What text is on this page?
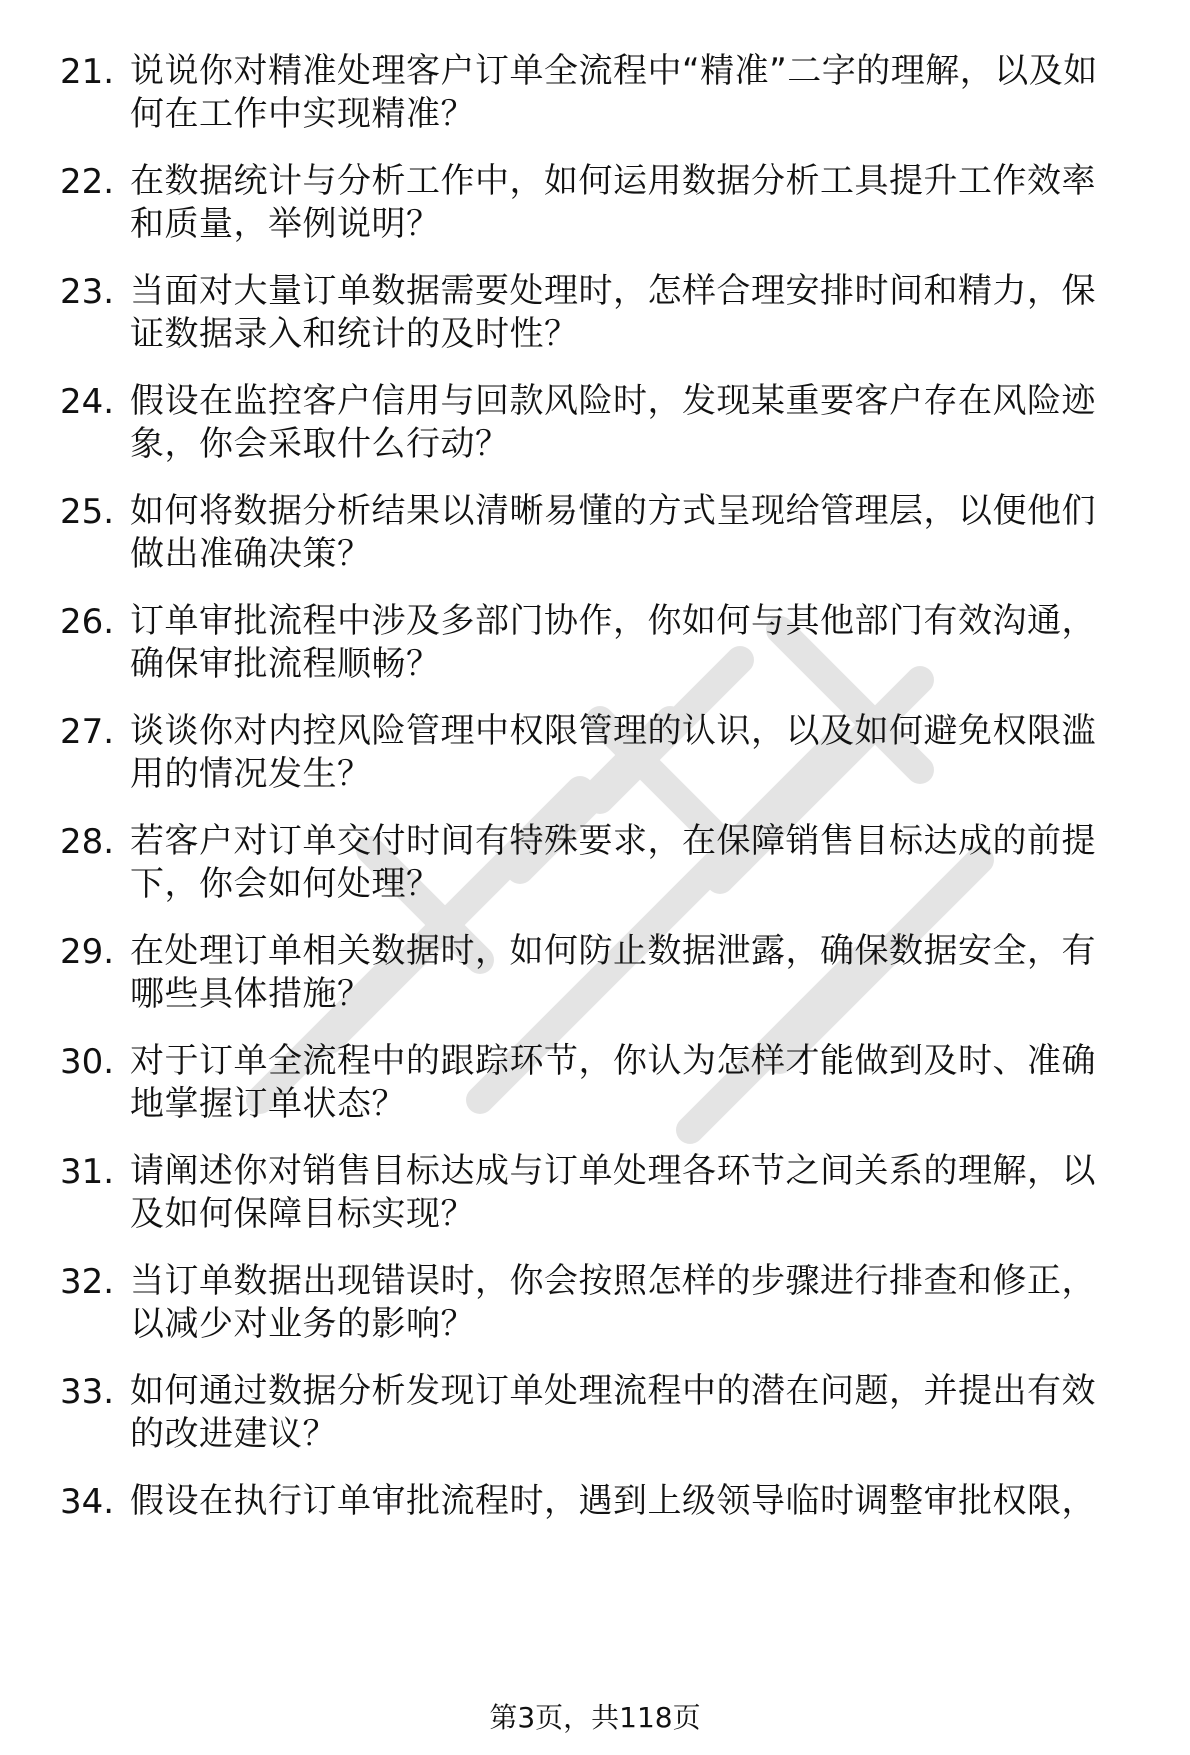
21. 说说你对精准处理客户订单全流程中“精准”二字的理解，以及如
何在工作中实现精准？
22. 在数据统计与分析工作中，如何运用数据分析工具提升工作效率
和质量，举例说明？
23. 当面对大量订单数据需要处理时，怎样合理安排时间和精力，保
证数据录入和统计的及时性？
24. 假设在监控客户信用与回款风险时，发现某重要客户存在风险迹
象，你会采取什么行动？
25. 如何将数据分析结果以清晰易懂的方式呈现给管理层，以便他们
做出准确决策？
26. 订单审批流程中涉及多部门协作，你如何与其他部门有效沟通，
确保审批流程顺畅？
27. 谈谈你对内控风险管理中权限管理的认识，以及如何避免权限滥
用的情况发生？
28. 若客户对订单交付时间有特殊要求，在保障销售目标达成的前提
下，你会如何处理？
29. 在处理订单相关数据时，如何防止数据泄露，确保数据安全，有
哪些具体措施？
30. 对于订单全流程中的跟踪环节，你认为怎样才能做到及时、准确
地掌握订单状态？
31. 请阐述你对销售目标达成与订单处理各环节之间关系的理解，以
及如何保障目标实现？
32. 当订单数据出现错误时，你会按照怎样的步骤进行排查和修正，
以减少对业务的影响？
33. 如何通过数据分析发现订单处理流程中的潜在问题，并提出有效
的改进建议？
34. 假设在执行订单审批流程时，遇到上级领导临时调整审批权限，
第3页，共118页
